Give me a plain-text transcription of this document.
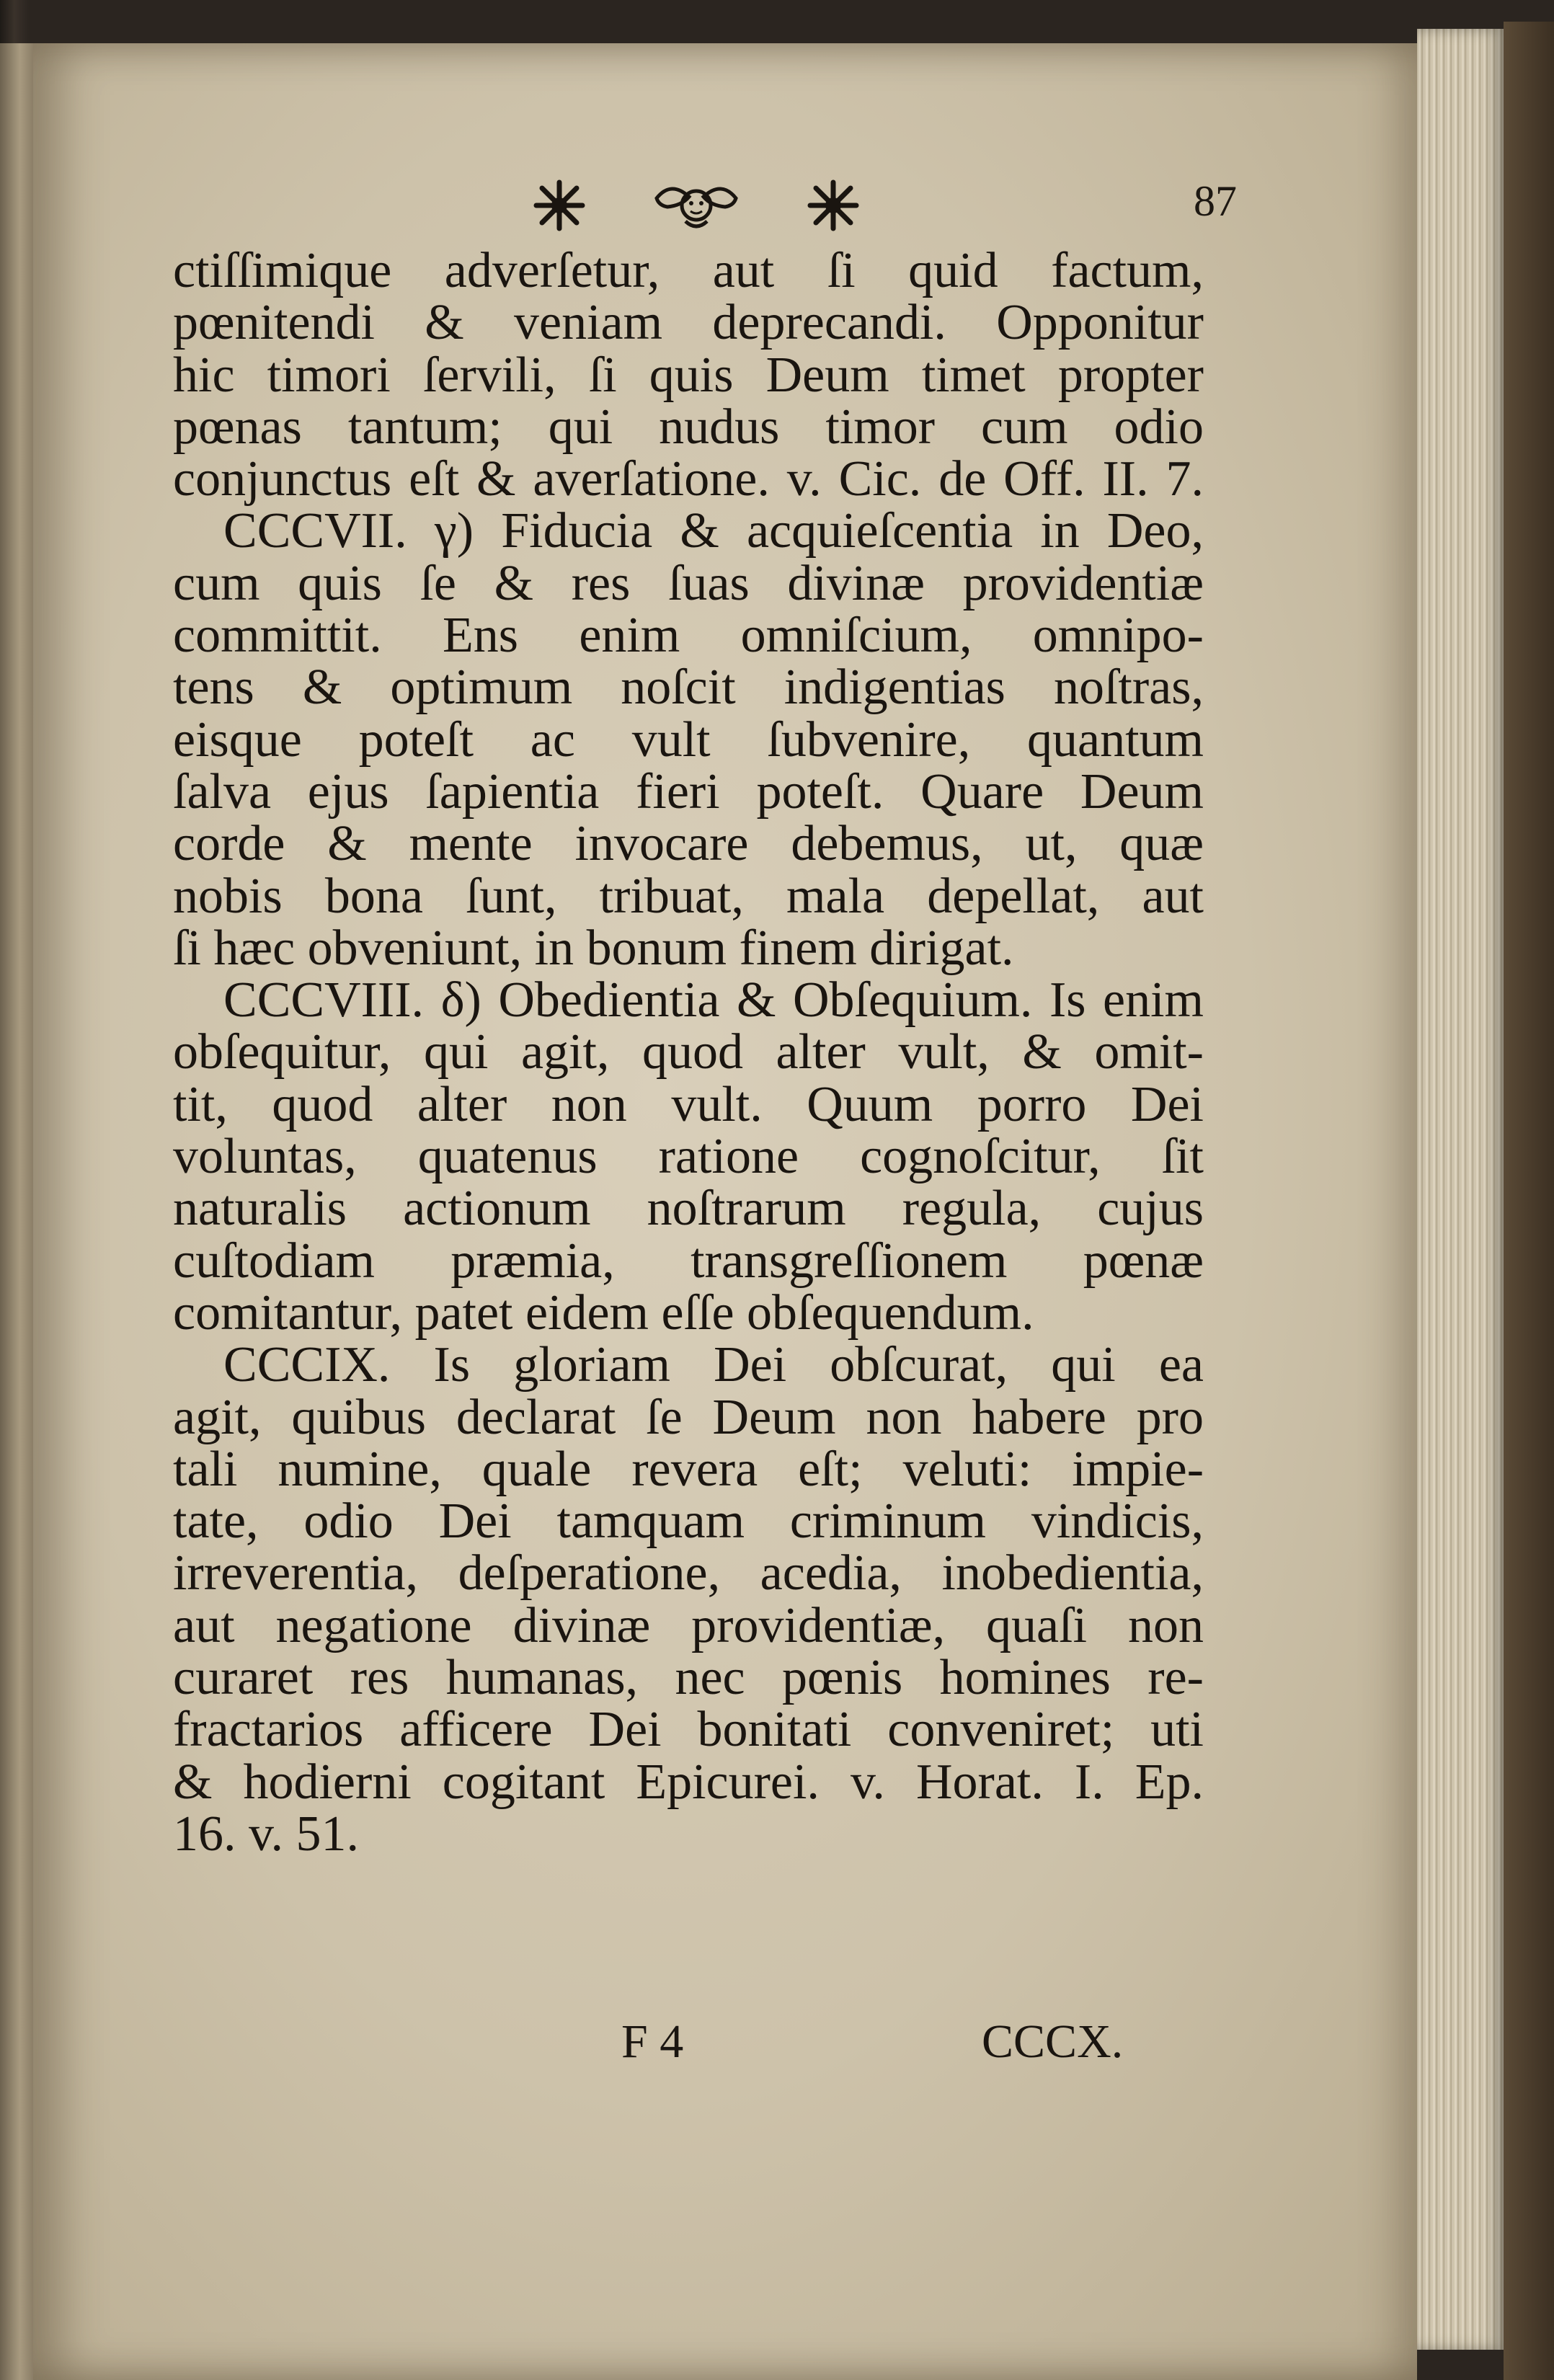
87
ctiſſimique adverſetur, aut ſi quid factum,
pœnitendi & veniam deprecandi. Opponitur
hic timori ſervili, ſi quis Deum timet propter
pœnas tantum; qui nudus timor cum odio
conjunctus eſt & averſatione. v. Cic. de Off. II. 7.
CCCVII. γ) Fiducia & acquieſcentia in Deo,
cum quis ſe & res ſuas divinæ providentiæ
committit. Ens enim omniſcium, omnipo-
tens & optimum noſcit indigentias noſtras,
eisque poteſt ac vult ſubvenire, quantum
ſalva ejus ſapientia fieri poteſt. Quare Deum
corde & mente invocare debemus, ut, quæ
nobis bona ſunt, tribuat, mala depellat, aut
ſi hæc obveniunt, in bonum finem dirigat.
CCCVIII. δ) Obedientia & Obſequium. Is enim
obſequitur, qui agit, quod alter vult, & omit-
tit, quod alter non vult. Quum porro Dei
voluntas, quatenus ratione cognoſcitur, ſit
naturalis actionum noſtrarum regula, cujus
cuſtodiam præmia, transgreſſionem pœnæ
comitantur, patet eidem eſſe obſequendum.
CCCIX. Is gloriam Dei obſcurat, qui ea
agit, quibus declarat ſe Deum non habere pro
tali numine, quale revera eſt; veluti: impie-
tate, odio Dei tamquam criminum vindicis,
irreverentia, deſperatione, acedia, inobedientia,
aut negatione divinæ providentiæ, quaſi non
curaret res humanas, nec pœnis homines re-
fractarios afficere Dei bonitati conveniret; uti
& hodierni cogitant Epicurei. v. Horat. I. Ep.
16. v. 51.
F 4	CCCX.
